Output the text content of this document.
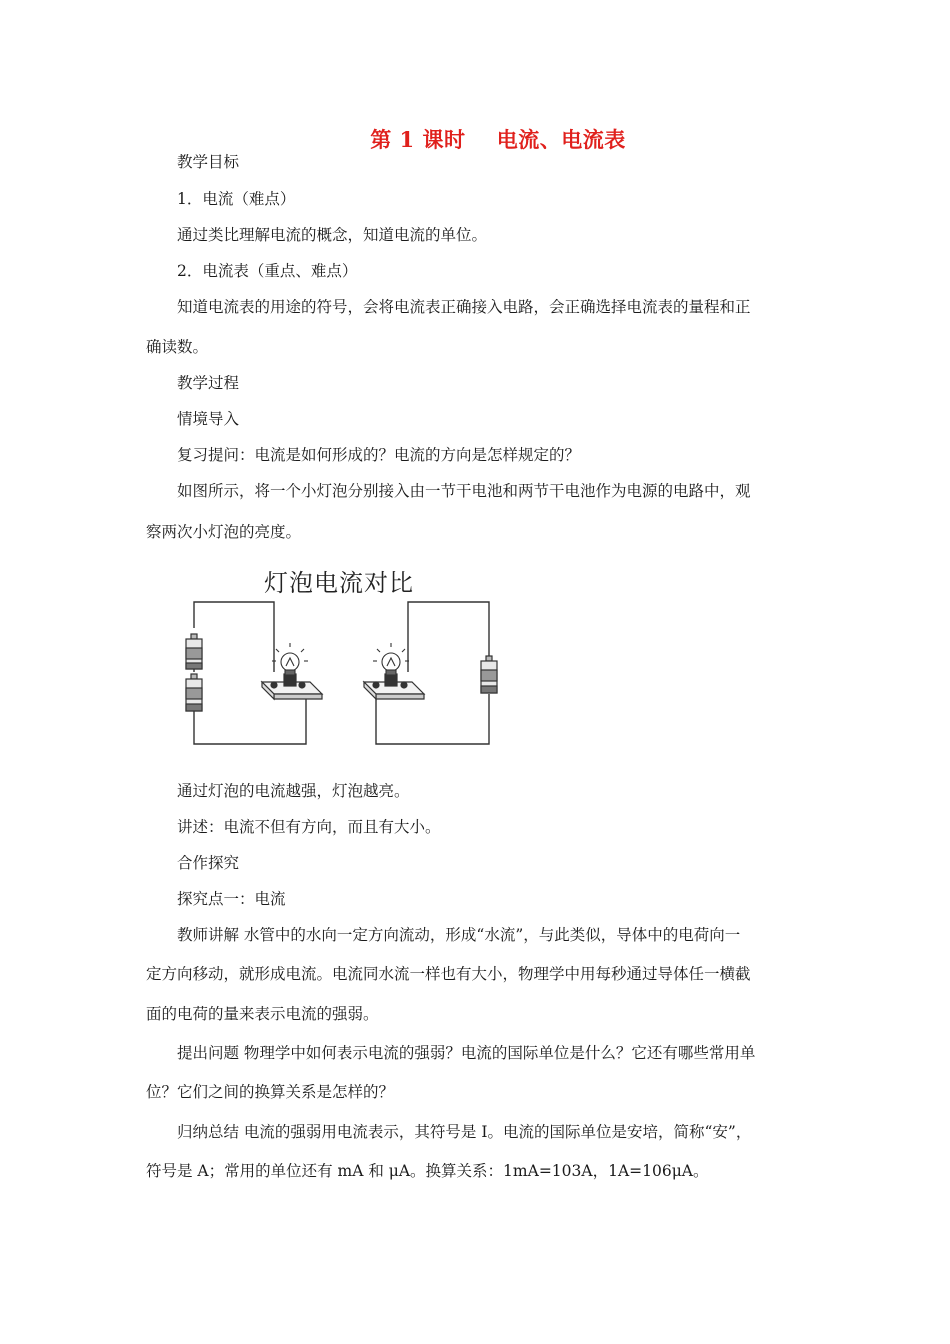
第 1 课时    电流、电流表
教学目标
1．电流（难点）
通过类比理解电流的概念，知道电流的单位。
2．电流表（重点、难点）
知道电流表的用途的符号，会将电流表正确接入电路，会正确选择电流表的量程和正
确读数。
教学过程
情境导入
复习提问：电流是如何形成的？电流的方向是怎样规定的？
如图所示，将一个小灯泡分别接入由一节干电池和两节干电池作为电源的电路中，观
察两次小灯泡的亮度。
灯泡电流对比
通过灯泡的电流越强，灯泡越亮。
讲述：电流不但有方向，而且有大小。
合作探究
探究点一：电流
教师讲解 水管中的水向一定方向流动，形成“水流”，与此类似，导体中的电荷向一
定方向移动，就形成电流。电流同水流一样也有大小，物理学中用每秒通过导体任一横截
面的电荷的量来表示电流的强弱。
提出问题 物理学中如何表示电流的强弱？电流的国际单位是什么？它还有哪些常用单
位？它们之间的换算关系是怎样的？
归纳总结 电流的强弱用电流表示，其符号是 I。电流的国际单位是安培，简称“安”，
符号是 A；常用的单位还有 mA 和 μA。换算关系：1mA=103A，1A=106μA。
